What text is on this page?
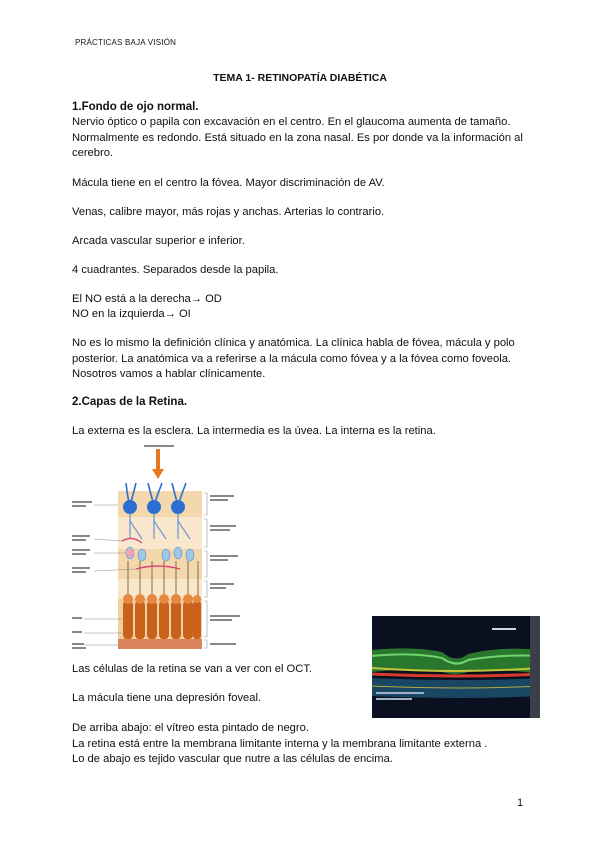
PRÁCTICAS BAJA VISIÓN
TEMA 1- RETINOPATÍA DIABÉTICA
1.Fondo de ojo normal.
Nervio óptico o papila con excavación en el centro. En el glaucoma aumenta de tamaño. Normalmente es redondo. Está situado en la zona nasal. Es por donde va la información al cerebro.
Mácula tiene en el centro la fóvea. Mayor discriminación de AV.
Venas, calibre mayor, más rojas y anchas. Arterias lo contrario.
Arcada vascular superior e inferior.
4 cuadrantes. Separados desde la papila.
El NO está a la derecha→ OD
NO en la izquierda→ OI
No es lo mismo la definición clínica y anatómica. La clínica habla de fóvea, mácula y polo posterior. La anatómica va a referirse a la mácula como fóvea y a la fóvea como foveola. Nosotros vamos a hablar clínicamente.
2.Capas de la Retina.
La externa es la esclera. La intermedia es la úvea. La interna es la retina.
Las células de la retina se van a ver con el OCT.
La mácula tiene una depresión foveal.
De arriba abajo: el vítreo esta pintado de negro.
La retina está entre la membrana limitante interna y la membrana limitante externa .
Lo de abajo es tejido vascular que nutre a las células de encima.
1
